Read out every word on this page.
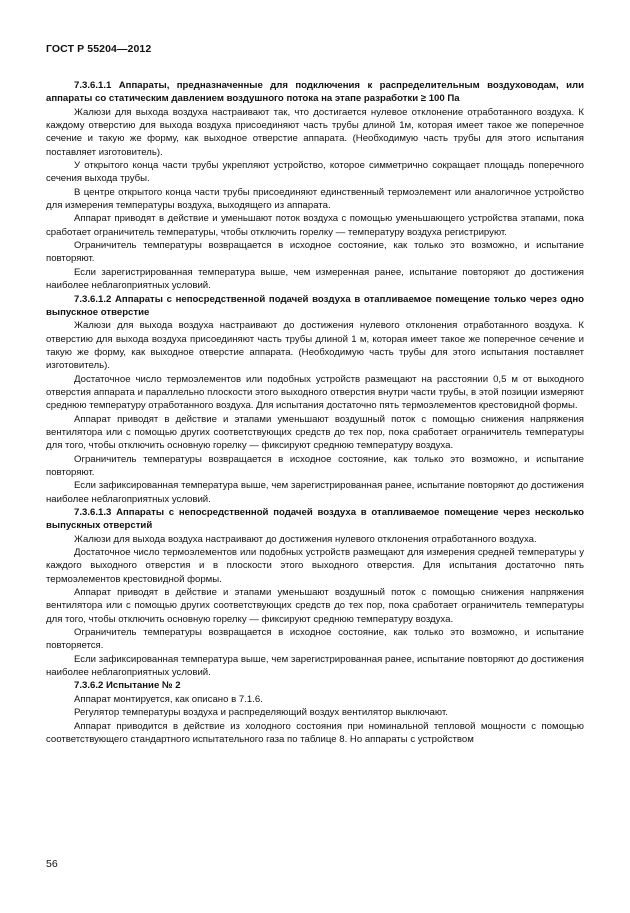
ГОСТ Р 55204—2012

7.3.6.1.1 Аппараты, предназначенные для подключения к распределительным воздуховодам, или аппараты со статическим давлением воздушного потока на этапе разработки ≥ 100 Па

Жалюзи для выхода воздуха настраивают так, что достигается нулевое отклонение отработанного воздуха. К каждому отверстию для выхода воздуха присоединяют часть трубы длиной 1м, которая имеет такое же поперечное сечение и такую же форму, как выходное отверстие аппарата. (Необходимую часть трубы для этого испытания поставляет изготовитель).

У открытого конца части трубы укрепляют устройство, которое симметрично сокращает площадь поперечного сечения выхода трубы.

В центре открытого конца части трубы присоединяют единственный термоэлемент или аналогичное устройство для измерения температуры воздуха, выходящего из аппарата.

Аппарат приводят в действие и уменьшают поток воздуха с помощью уменьшающего устройства этапами, пока сработает ограничитель температуры, чтобы отключить горелку — температуру воздуха регистрируют.

Ограничитель температуры возвращается в исходное состояние, как только это возможно, и испытание повторяют.

Если зарегистрированная температура выше, чем измеренная ранее, испытание повторяют до достижения наиболее неблагоприятных условий.

7.3.6.1.2 Аппараты с непосредственной подачей воздуха в отапливаемое помещение только через одно выпускное отверстие

Жалюзи для выхода воздуха настраивают до достижения нулевого отклонения отработанного воздуха. К отверстию для выхода воздуха присоединяют часть трубы длиной 1 м, которая имеет такое же поперечное сечение и такую же форму, как выходное отверстие аппарата. (Необходимую часть трубы для этого испытания поставляет изготовитель).

Достаточное число термоэлементов или подобных устройств размещают на расстоянии 0,5 м от выходного отверстия аппарата и параллельно плоскости этого выходного отверстия внутри части трубы, в этой позиции измеряют среднюю температуру отработанного воздуха. Для испытания достаточно пять термоэлементов крестовидной формы.

Аппарат приводят в действие и этапами уменьшают воздушный поток с помощью снижения напряжения вентилятора или с помощью других соответствующих средств до тех пор, пока сработает ограничитель температуры для того, чтобы отключить основную горелку — фиксируют среднюю температуру воздуха.

Ограничитель температуры возвращается в исходное состояние, как только это возможно, и испытание повторяют.

Если зафиксированная температура выше, чем зарегистрированная ранее, испытание повторяют до достижения наиболее неблагоприятных условий.

7.3.6.1.3 Аппараты с непосредственной подачей воздуха в отапливаемое помещение через несколько выпускных отверстий

Жалюзи для выхода воздуха настраивают до достижения нулевого отклонения отработанного воздуха.

Достаточное число термоэлементов или подобных устройств размещают для измерения средней температуры у каждого выходного отверстия и в плоскости этого выходного отверстия. Для испытания достаточно пять термоэлементов крестовидной формы.

Аппарат приводят в действие и этапами уменьшают воздушный поток с помощью снижения напряжения вентилятора или с помощью других соответствующих средств до тех пор, пока сработает ограничитель температуры для того, чтобы отключить основную горелку — фиксируют среднюю температуру воздуха.

Ограничитель температуры возвращается в исходное состояние, как только это возможно, и испытание повторяется.

Если зафиксированная температура выше, чем зарегистрированная ранее, испытание повторяют до достижения наиболее неблагоприятных условий.

7.3.6.2 Испытание № 2

Аппарат монтируется, как описано в 7.1.6.

Регулятор температуры воздуха и распределяющий воздух вентилятор выключают.

Аппарат приводится в действие из холодного состояния при номинальной тепловой мощности с помощью соответствующего стандартного испытательного газа по таблице 8. Но аппараты с устройством

56
